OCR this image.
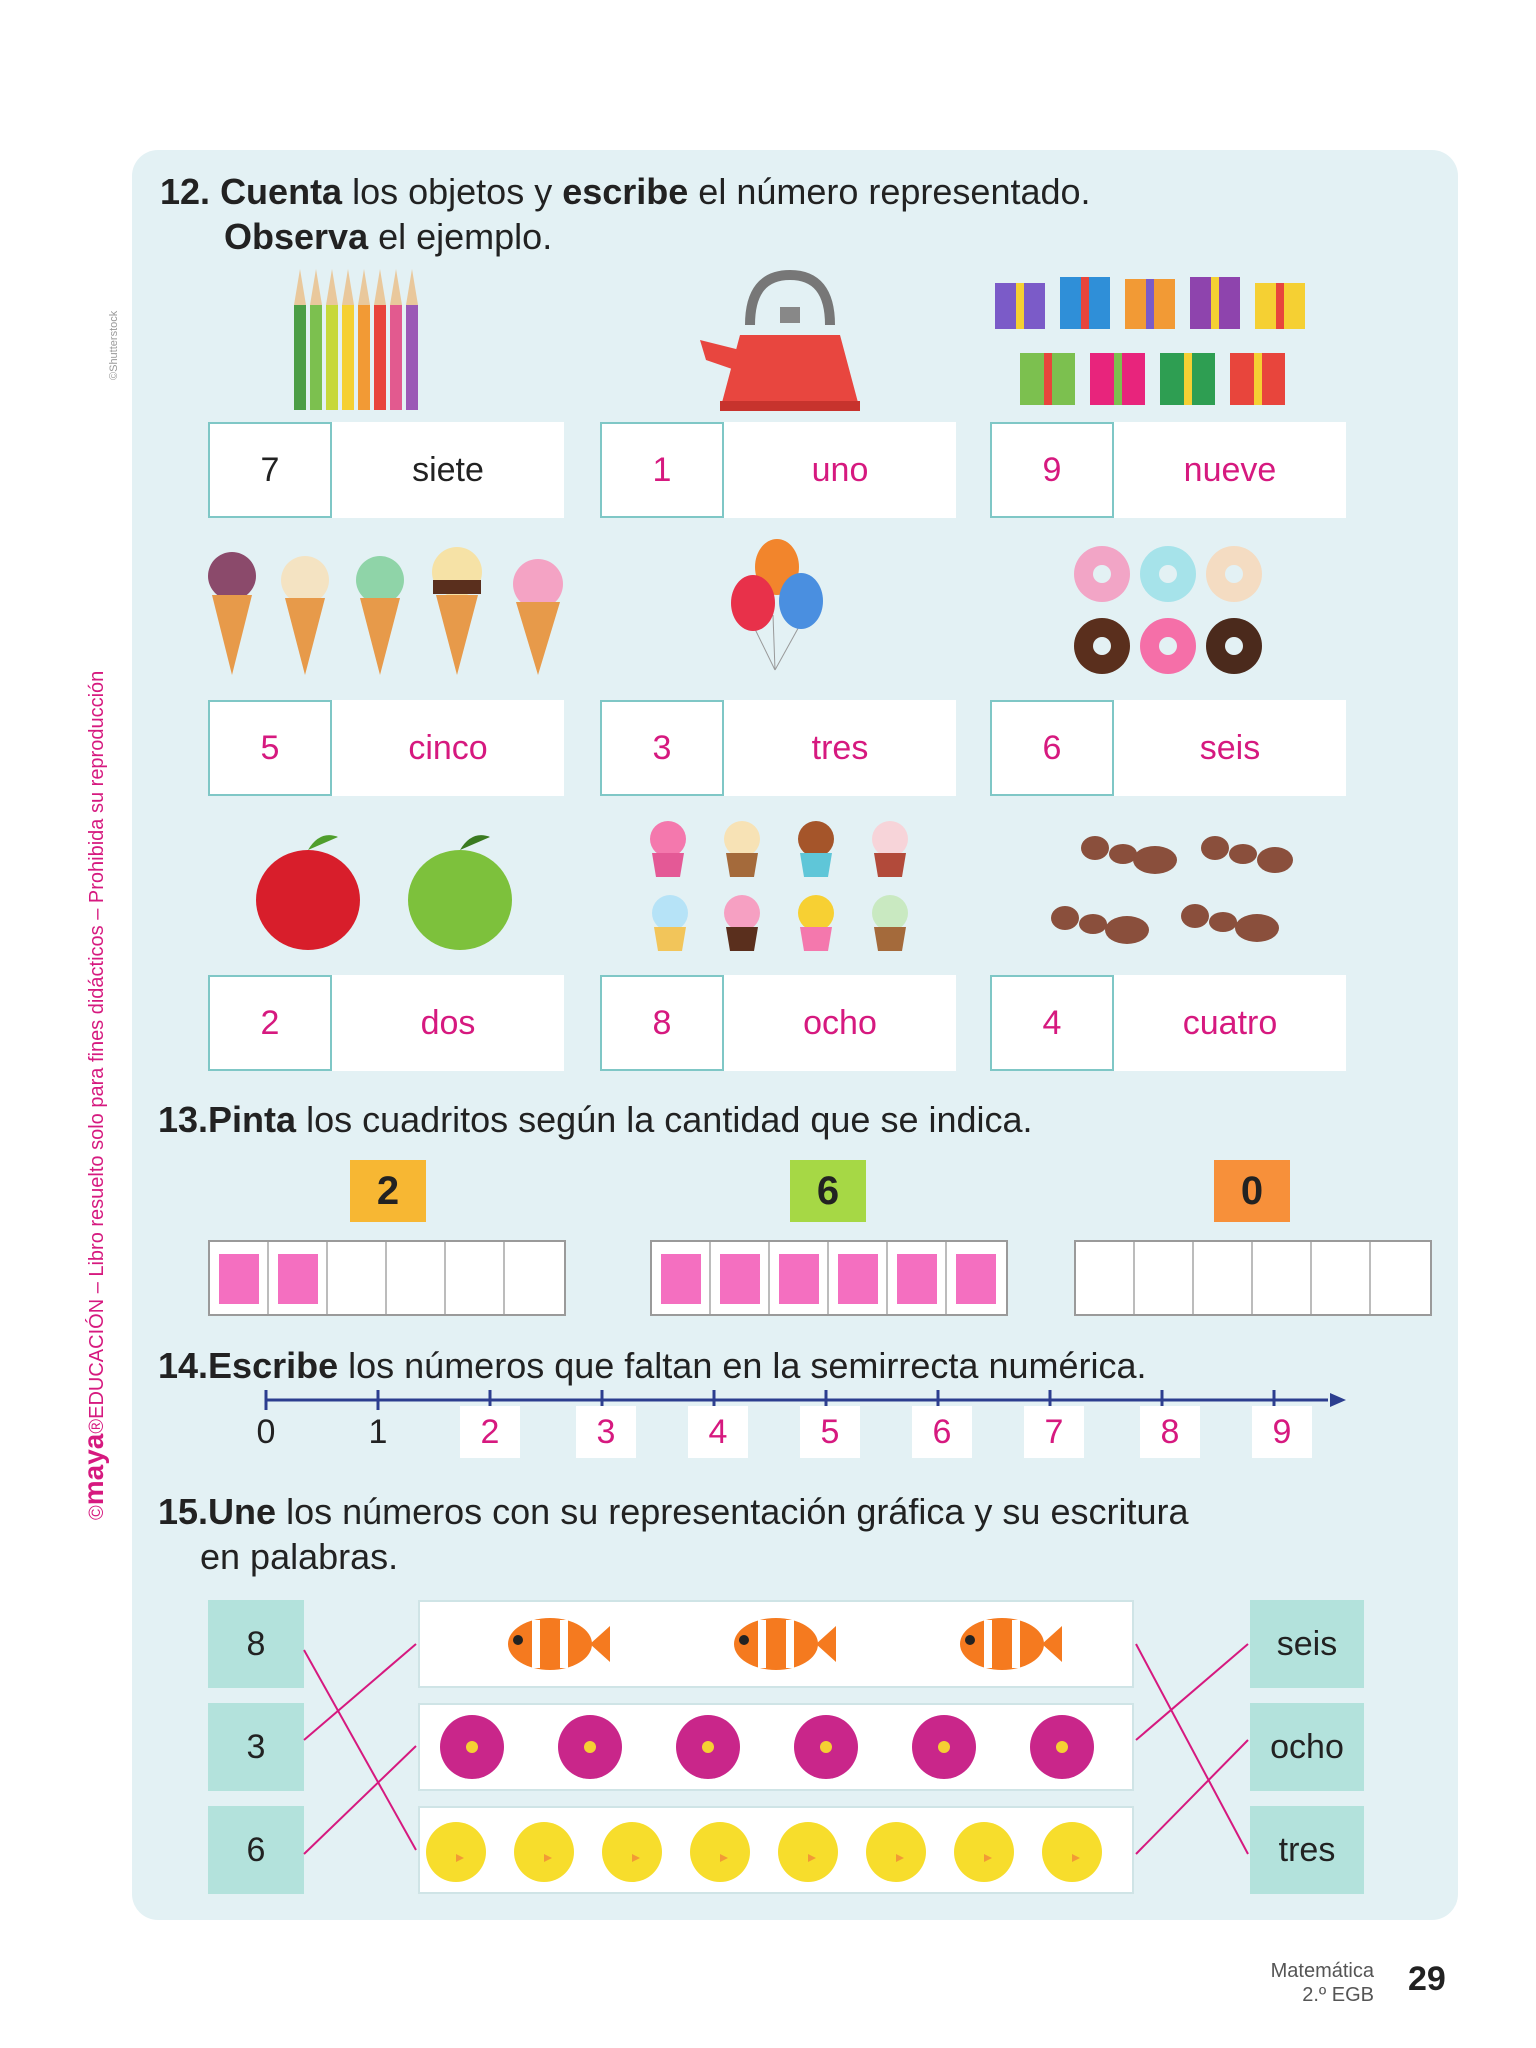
©maya®EDUCACIÓN – Libro resuelto solo para fines didácticos – Prohibida su reproducción
©Shutterstock
12. Cuenta los objetos y escribe el número representado.
Observa el ejemplo.
7	siete	1	uno	9	nueve
5	cinco	3	tres	6	seis
2	dos	8	ocho	4	cuatro
13.Pinta los cuadritos según la cantidad que se indica.
2	6	0
14.Escribe los números que faltan en la semirrecta numérica.
0	1	2	3	4	5	6	7	8	9
15.Une los números con su representación gráfica y su escritura
en palabras.
8
3
6
seis
ocho
tres
Matemática
2.º EGB 29
